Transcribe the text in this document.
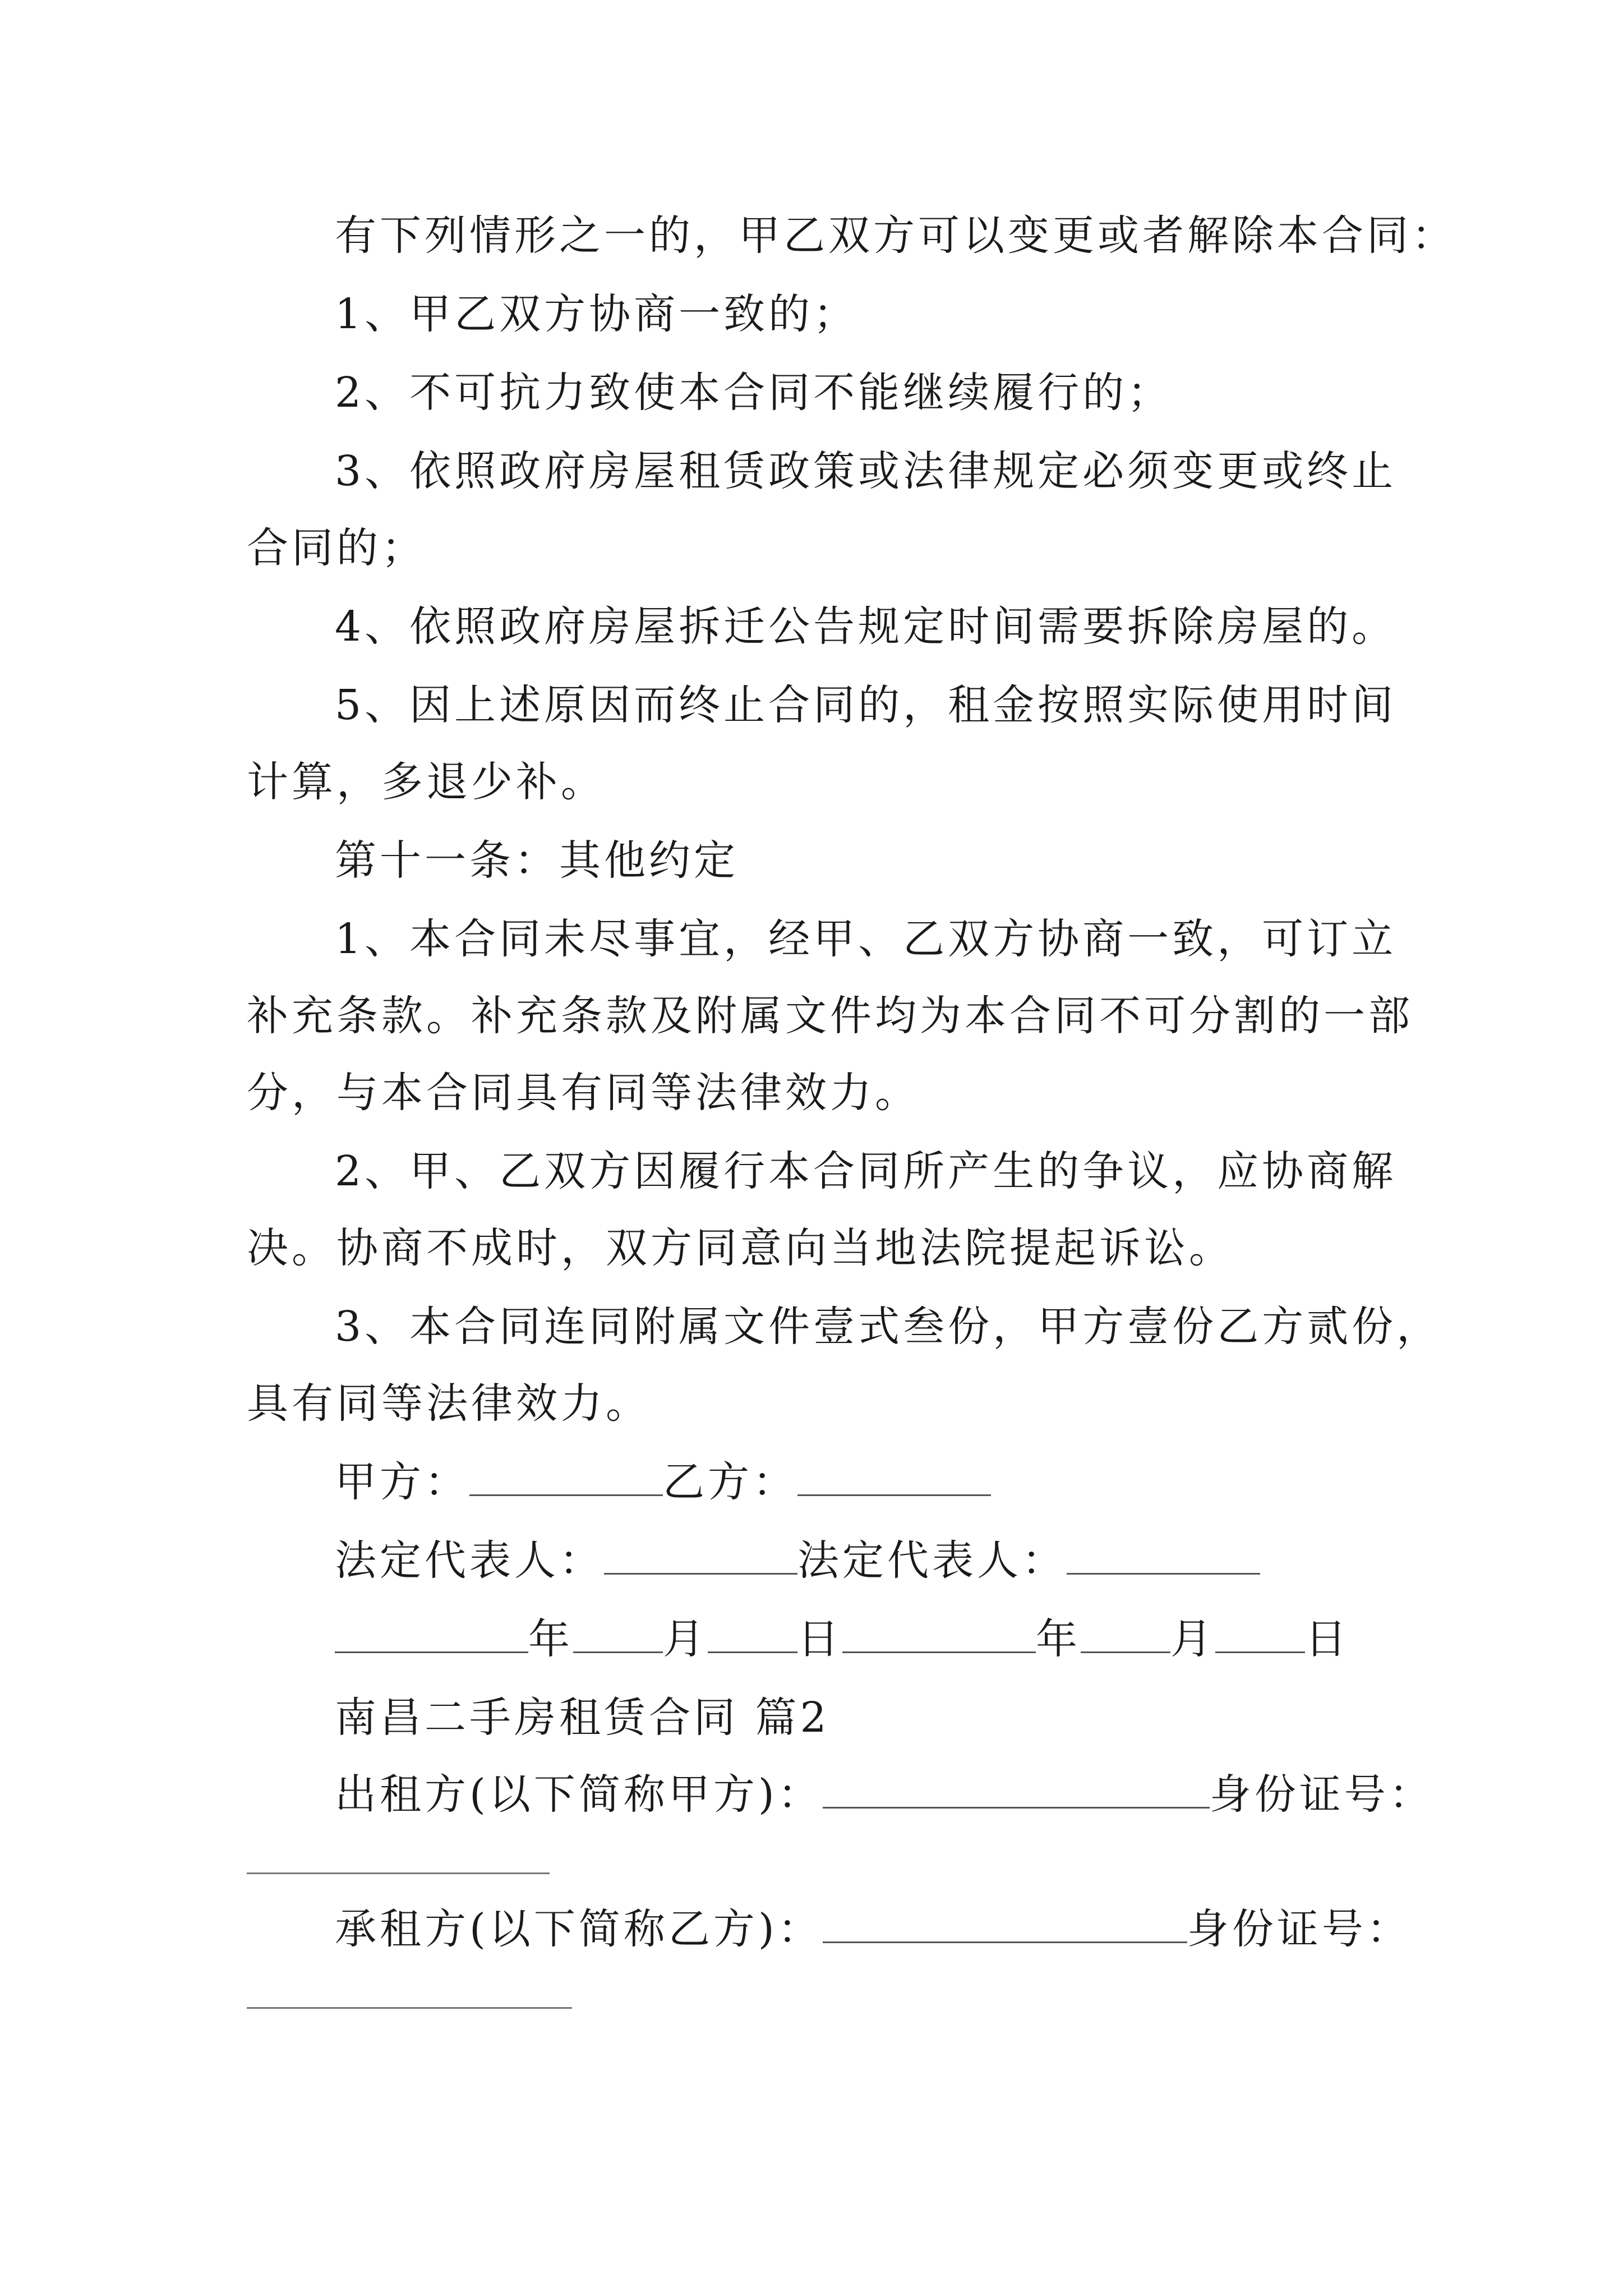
有下列情形之一的，甲乙双方可以变更或者解除本合同：
1、甲乙双方协商一致的；
2、不可抗力致使本合同不能继续履行的；
3、依照政府房屋租赁政策或法律规定必须变更或终止
合同的；
4、依照政府房屋拆迁公告规定时间需要拆除房屋的。
5、因上述原因而终止合同的，租金按照实际使用时间
计算，多退少补。
第十一条：其他约定
1、本合同未尽事宜，经甲、乙双方协商一致，可订立
补充条款。补充条款及附属文件均为本合同不可分割的一部
分，与本合同具有同等法律效力。
2、甲、乙双方因履行本合同所产生的争议，应协商解
决。协商不成时，双方同意向当地法院提起诉讼。
3、本合同连同附属文件壹式叁份，甲方壹份乙方贰份，
具有同等法律效力。
甲方：	乙方：
法定代表人：	法定代表人：
年 月 日	年 月 日
南昌二手房租赁合同 篇2
出租方(以下简称甲方)：	身份证号：
承租方(以下简称乙方)：	身份证号：
